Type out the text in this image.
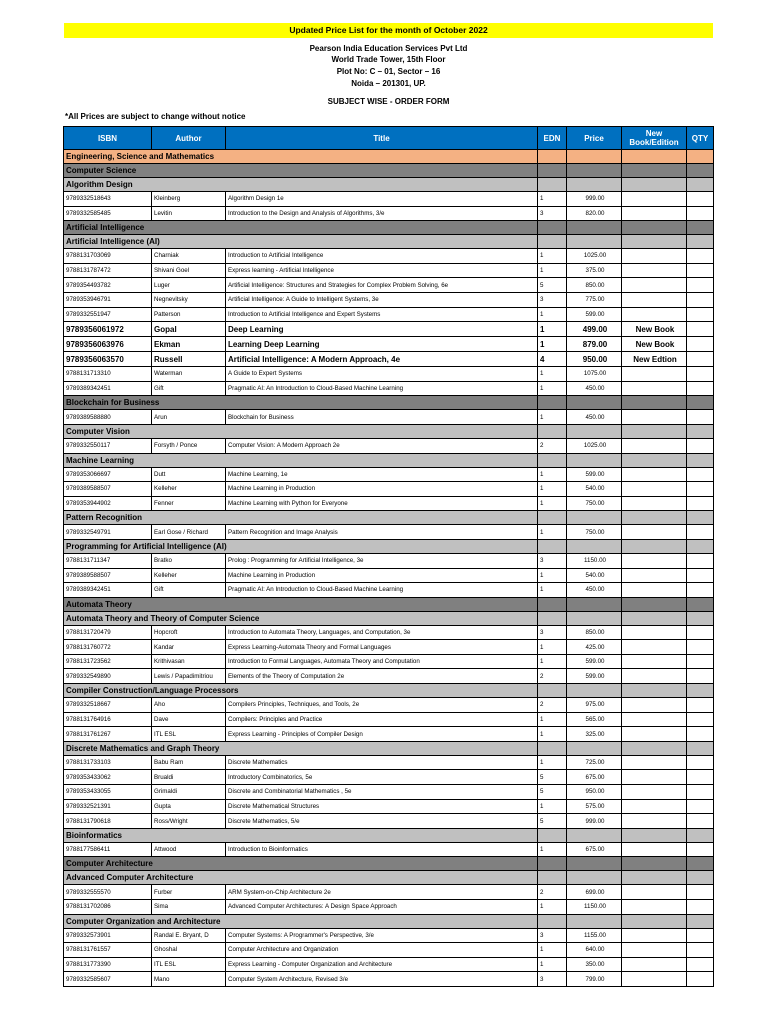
Updated Price List for the month of October 2022
Pearson India Education Services Pvt Ltd
World Trade Tower, 15th Floor
Plot No: C – 01, Sector – 16
Noida – 201301, UP.
SUBJECT WISE - ORDER FORM
*All Prices are subject to change without notice
ISBN	Author	Title	EDN	Price	New Book/Edition	QTY
Engineering, Science and Mathematics						
Computer Science						
Algorithm Design						
9789332518643	Kleinberg	Algorithm Design 1e	1	999.00		
9789332585485	Levitin	Introduction to the Design and Analysis of Algorithms, 3/e	3	820.00		
Artificial Intelligence						
Artificial Intelligence (AI)						
9788131703069	Charniak	Introduction to Artificial Intelligence	1	1025.00		
9788131787472	Shivani Goel	Express learning - Artificial Intelligence	1	375.00		
9789354493782	Luger	Artificial Intelligence: Structures and Strategies for Complex Problem Solving, 6e	5	850.00		
9789353946791	Negnevitsky	Artificial Intelligence: A Guide to Intelligent Systems, 3e	3	775.00		
9789332551947	Patterson	Introduction to Artificial Intelligence and Expert Systems	1	599.00		
9789356061972	Gopal	Deep Learning	1	499.00	New Book	
9789356063976	Ekman	Learning Deep Learning	1	879.00	New Book	
9789356063570	Russell	Artificial Intelligence: A Modern Approach, 4e	4	950.00	New Edtion	
9788131713310	Waterman	A Guide to Expert Systems	1	1075.00		
9789389342451	Gift	Pragmatic AI: An Introduction to Cloud-Based Machine Learning	1	450.00		
Blockchain for Business						
9789389588880	Arun	Blockchain for Business	1	450.00		
Computer Vision						
9789332550117	Forsyth / Ponce	Computer Vision: A Modern Approach 2e	2	1025.00		
Machine Learning						
9789353066697	Dutt	Machine Learning, 1e	1	599.00		
9789389588507	Kelleher	Machine Learning in Production	1	540.00		
9789353944902	Fenner	Machine Learning with Python for Everyone	1	750.00		
Pattern Recognition						
9789332549791	Earl Gose / Richard	Pattern Recognition and Image Analysis	1	750.00		
Programming for Artificial Intelligence (AI)						
9788131711347	Bratko	Prolog : Programming for Artificial Intelligence, 3e	3	1150.00		
9789389588507	Kelleher	Machine Learning in Production	1	540.00		
9789389342451	Gift	Pragmatic AI: An Introduction to Cloud-Based Machine Learning	1	450.00		
Automata Theory						
Automata Theory and Theory of Computer Science						
9788131720479	Hopcroft	Introduction to Automata Theory, Languages, and Computation, 3e	3	850.00		
9788131760772	Kandar	Express Learning-Automata Theory and Formal Languages	1	425.00		
9788131723562	Krithivasan	Introduction to Formal Languages, Automata Theory and Computation	1	599.00		
9789332549890	Lewis / Papadimitriou	Elements of the Theory of Computation 2e	2	599.00		
Compiler Construction/Language Processors						
9789332518667	Aho	Compilers Principles, Techniques, and Tools, 2e	2	975.00		
9788131764916	Dave	Compilers: Principles and Practice	1	565.00		
9788131761267	ITL ESL	Express Learning - Principles of Compiler Design	1	325.00		
Discrete Mathematics and Graph Theory						
9788131733103	Babu Ram	Discrete Mathematics	1	725.00		
9789353433062	Brualdi	Introductory Combinatorics, 5e	5	675.00		
9789353433055	Grimaldi	Discrete and Combinatorial Mathematics , 5e	5	950.00		
9789332521391	Gupta	Discrete Mathematical Structures	1	575.00		
9788131790618	Ross/Wright	Discrete Mathematics, 5/e	5	999.00		
Bioinformatics						
9788177586411	Attwood	Introduction to Bioinformatics	1	675.00		
Computer Architecture						
Advanced Computer Architecture						
9789332555570	Furber	ARM System-on-Chip Architecture 2e	2	699.00		
9788131702086	Sima	Advanced Computer Architectures: A Design Space Approach	1	1150.00		
Computer Organization and Architecture						
9789332573901	Randal E. Bryant, D	Computer Systems: A Programmer's Perspective, 3/e	3	1155.00		
9788131761557	Ghoshal	Computer Architecture and Organization	1	640.00		
9788131773390	ITL ESL	Express Learning - Computer Organization and Architecture	1	350.00		
9789332585607	Mano	Computer System Architecture, Revised 3/e	3	799.00		
